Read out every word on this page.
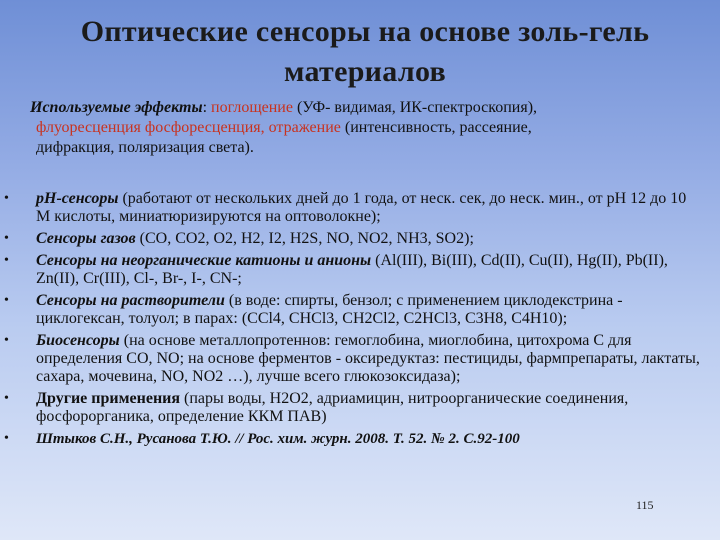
Оптические сенсоры на основе золь-гель материалов
Используемые эффекты: поглощение (УФ- видимая, ИК-спектроскопия),
флуоресценция фосфоресценция, отражение (интенсивность, рассеяние,
дифракция, поляризация света).
• рН-сенсоры (работают от нескольких дней до 1 года, от неск. сек, до неск. мин., от pH 12 до 10 М кислоты, миниатюризируются на оптоволокне);
• Сенсоры газов (CO, CO2, O2, H2, I2, H2S, NO, NO2, NH3, SO2);
• Сенсоры на неорганические катионы и анионы (Al(III), Bi(III), Cd(II), Cu(II), Hg(II), Pb(II), Zn(II), Cr(III), Cl-, Br-, I-, CN-;
• Сенсоры на растворители (в воде: спирты, бензол; с применением циклодекстрина - циклогексан, толуол; в парах: (CCl4, CHCl3, CH2Cl2, C2HCl3, C3H8, C4H10);
• Биосенсоры (на основе металлопротеннов: гемоглобина, миоглобина, цитохрома С для определения CO, NO; на основе ферментов - оксиредуктаз: пестициды, фармпрепараты, лактаты, сахара, мочевина, NO, NO2 …), лучше всего глюкозоксидаза);
• Другие применения (пары воды, H2O2, адриамицин, нитроорганические соединения, фосфорорганика, определение ККМ ПАВ)
• Штыков С.Н., Русанова Т.Ю. // Рос. хим. журн. 2008. Т. 52. № 2. С.92-100
115
